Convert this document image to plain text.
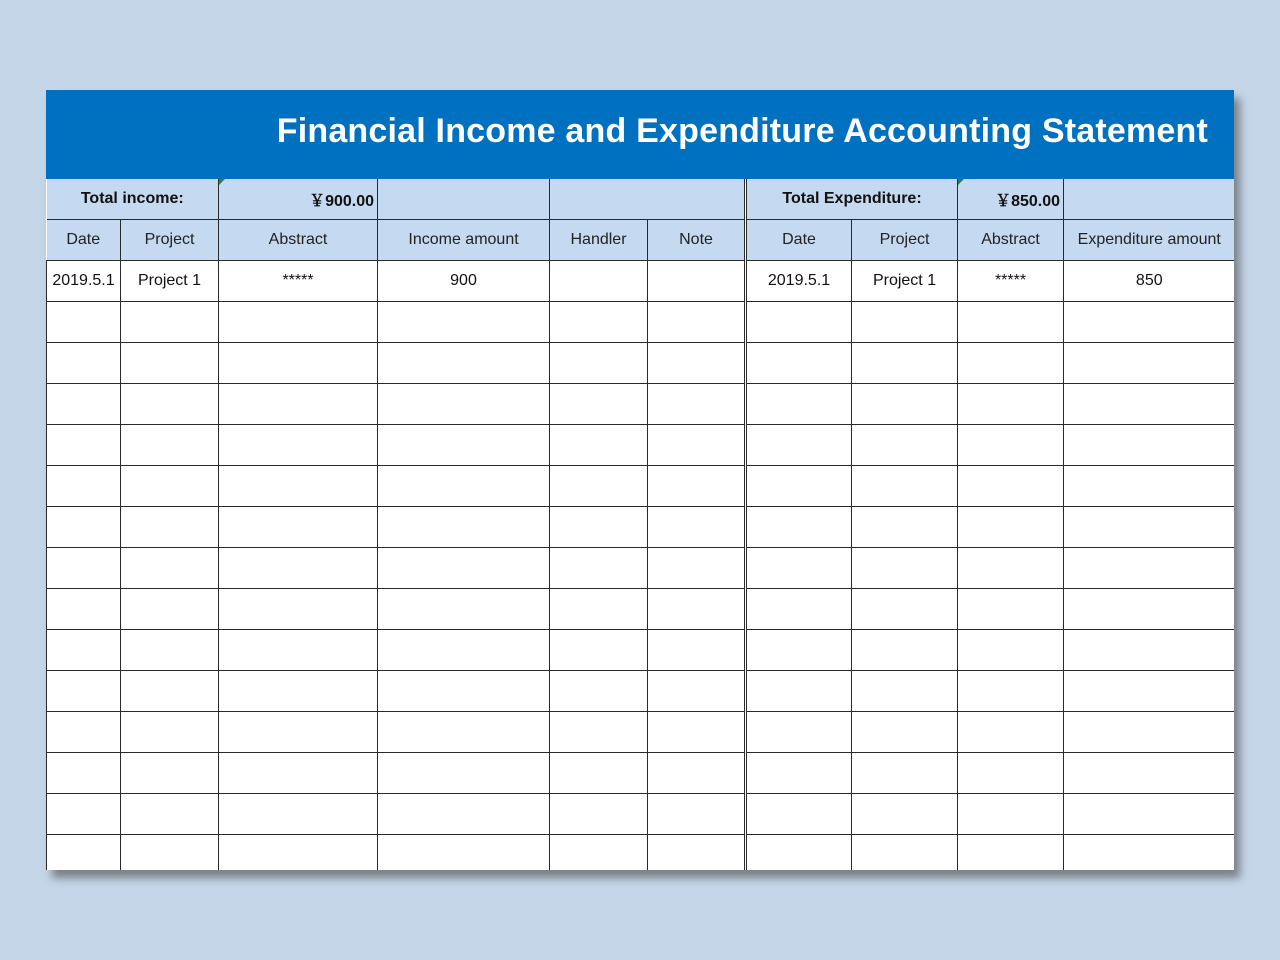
Financial Income and Expenditure Accounting Statement
Total income:		￥900.00				Total Expenditure:		￥850.00	
Date	Project	Abstract	Income amount	Handler	Note	Date	Project	Abstract	Expenditure amount
2019.5.1	Project 1	*****	900			2019.5.1	Project 1	*****	850
